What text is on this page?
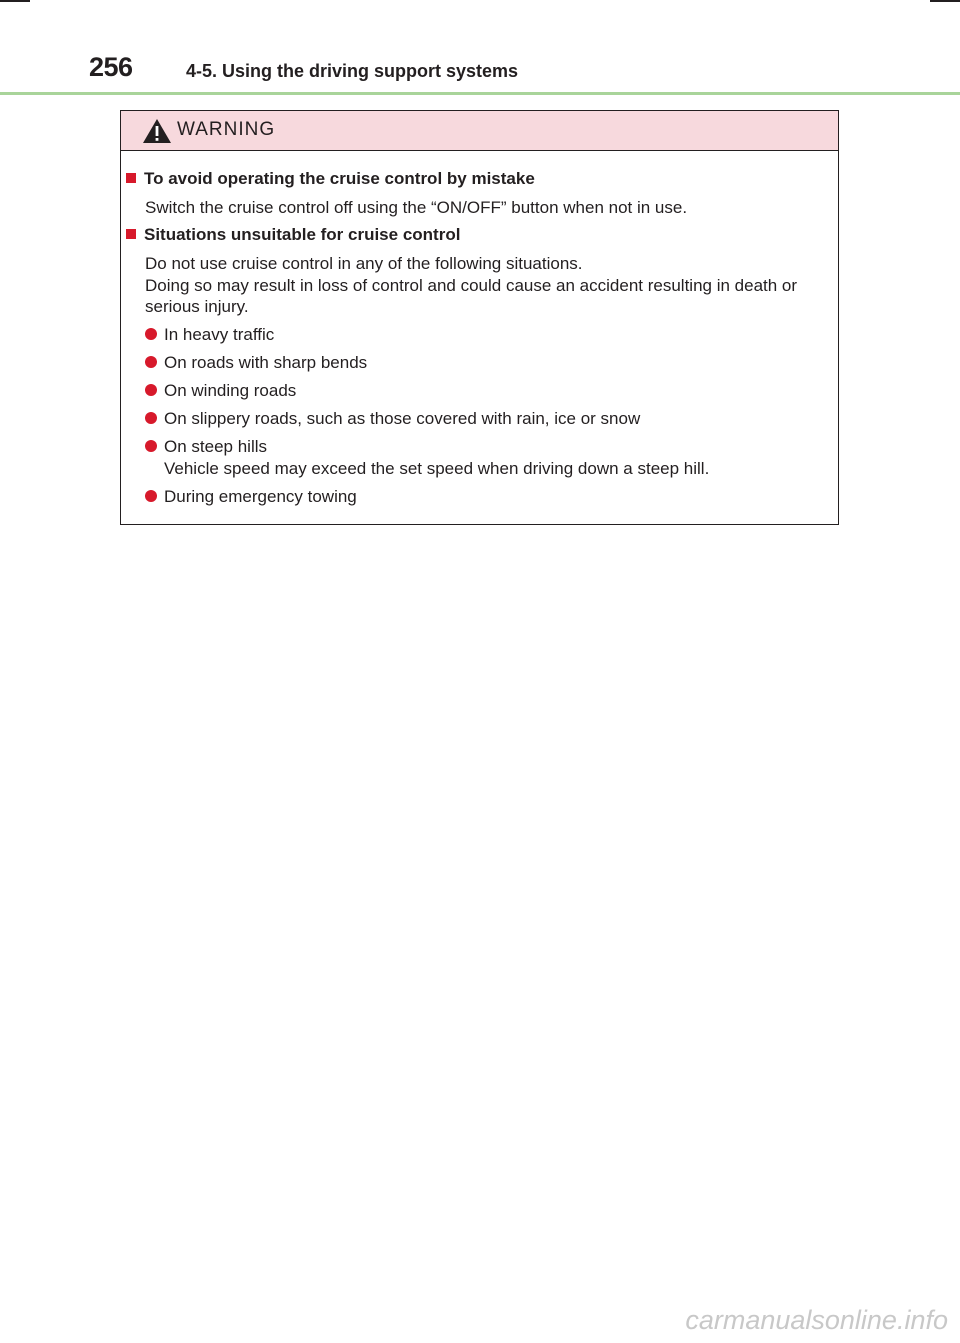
256	4-5. Using the driving support systems
WARNING
To avoid operating the cruise control by mistake
Switch the cruise control off using the “ON/OFF” button when not in use.
Situations unsuitable for cruise control
Do not use cruise control in any of the following situations.
Doing so may result in loss of control and could cause an accident resulting in death or
serious injury.
In heavy traffic
On roads with sharp bends
On winding roads
On slippery roads, such as those covered with rain, ice or snow
On steep hills
Vehicle speed may exceed the set speed when driving down a steep hill.
During emergency towing
carmanualsonline.info
